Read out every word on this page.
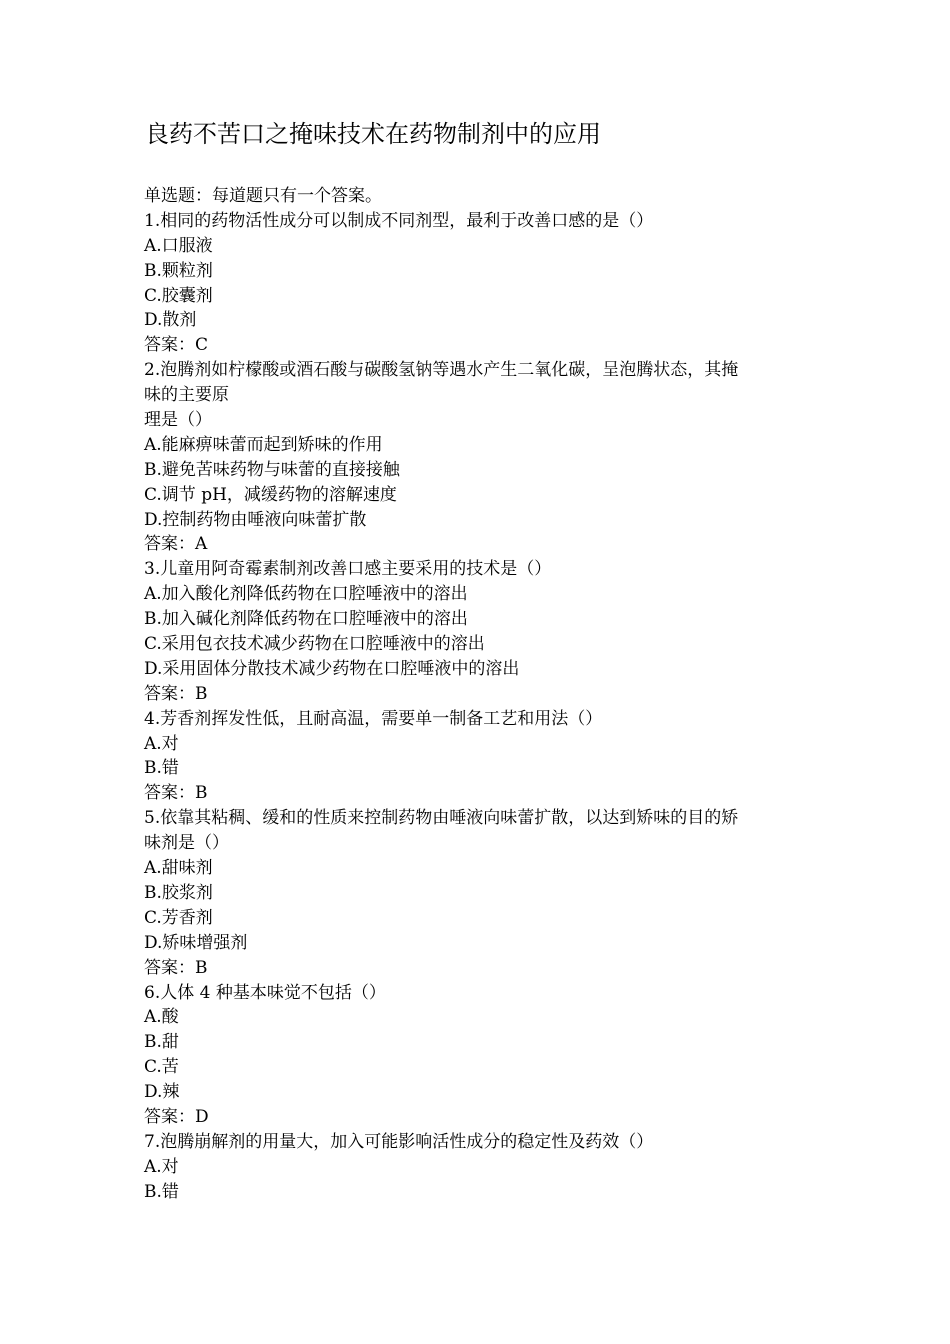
良药不苦口之掩味技术在药物制剂中的应用

单选题：每道题只有一个答案。

1.相同的药物活性成分可以制成不同剂型，最利于改善口感的是（）

A.口服液

B.颗粒剂

C.胶囊剂

D.散剂

答案：C

2.泡腾剂如柠檬酸或酒石酸与碳酸氢钠等遇水产生二氧化碳，呈泡腾状态，其掩

味的主要原

理是（）

A.能麻痹味蕾而起到矫味的作用

B.避免苦味药物与味蕾的直接接触

C.调节 pH，减缓药物的溶解速度

D.控制药物由唾液向味蕾扩散

答案：A

3.儿童用阿奇霉素制剂改善口感主要采用的技术是（）

A.加入酸化剂降低药物在口腔唾液中的溶出

B.加入碱化剂降低药物在口腔唾液中的溶出

C.采用包衣技术减少药物在口腔唾液中的溶出

D.采用固体分散技术减少药物在口腔唾液中的溶出

答案：B

4.芳香剂挥发性低，且耐高温，需要单一制备工艺和用法（）

A.对

B.错

答案：B

5.依靠其粘稠、缓和的性质来控制药物由唾液向味蕾扩散，以达到矫味的目的矫

味剂是（）

A.甜味剂

B.胶浆剂

C.芳香剂

D.矫味增强剂

答案：B

6.人体 4 种基本味觉不包括（）

A.酸

B.甜

C.苦

D.辣

答案：D

7.泡腾崩解剂的用量大，加入可能影响活性成分的稳定性及药效（）

A.对

B.错
